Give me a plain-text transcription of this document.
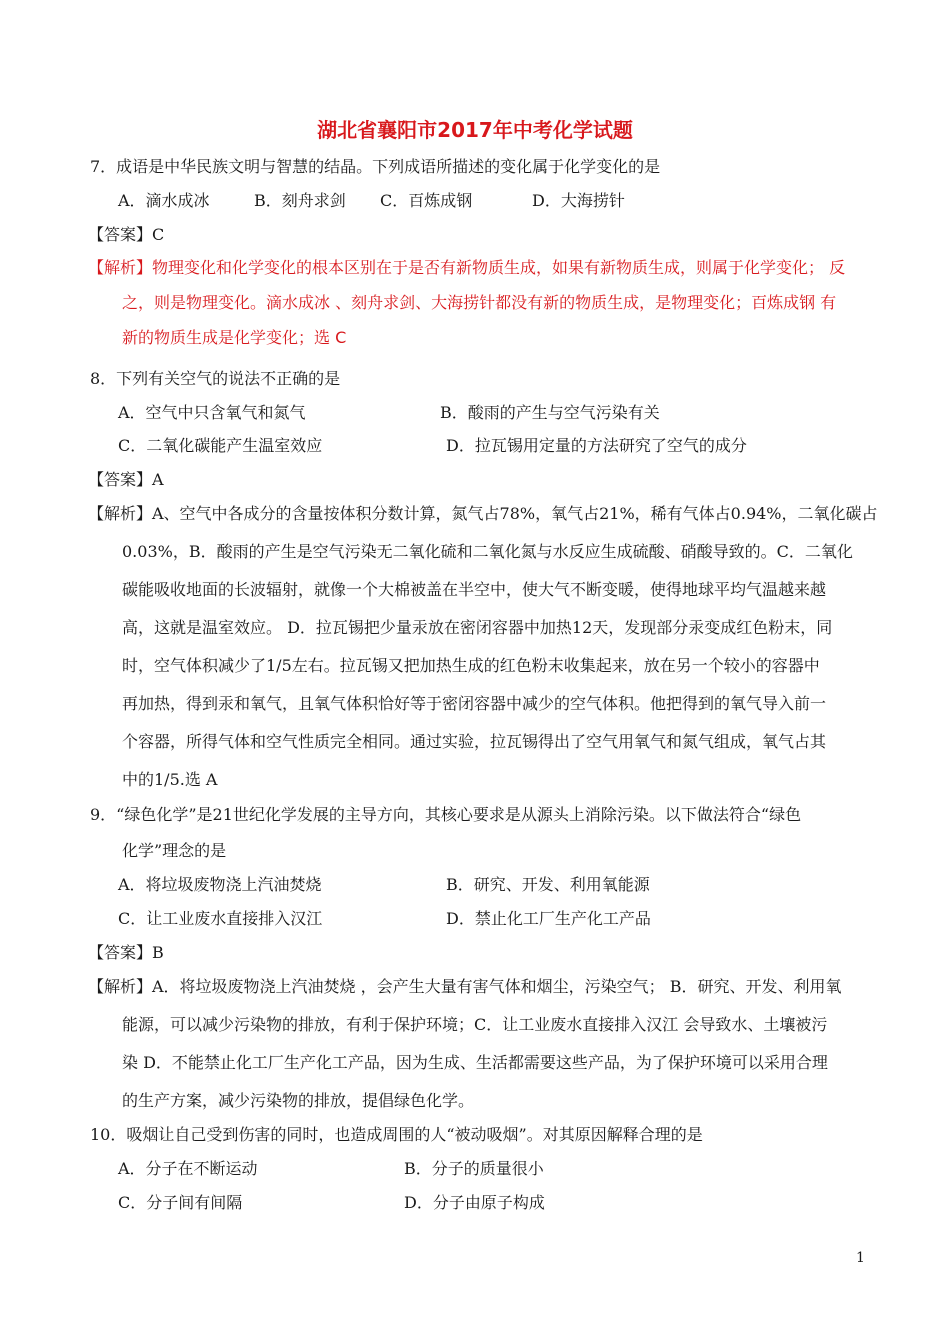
湖北省襄阳市2017年中考化学试题
7．成语是中华民族文明与智慧的结晶。下列成语所描述的变化属于化学变化的是
A．滴水成冰	B．刻舟求剑 C．百炼成钢	D．大海捞针
【答案】C
【解析】物理变化和化学变化的根本区别在于是否有新物质生成，如果有新物质生成，则属于化学变化； 反
之，则是物理变化。滴水成冰 、刻舟求剑、大海捞针都没有新的物质生成，是物理变化；百炼成钢 有
新的物质生成是化学变化；选 C
8．下列有关空气的说法不正确的是
A．空气中只含氧气和氮气	B．酸雨的产生与空气污染有关
C．二氧化碳能产生温室效应	D．拉瓦锡用定量的方法研究了空气的成分
【答案】A
【解析】A、空气中各成分的含量按体积分数计算，氮气占78%，氧气占21%，稀有气体占0.94%，二氧化碳占
0.03%，B．酸雨的产生是空气污染无二氧化硫和二氧化氮与水反应生成硫酸、硝酸导致的。C．二氧化
碳能吸收地面的长波辐射，就像一个大棉被盖在半空中，使大气不断变暖，使得地球平均气温越来越
高，这就是温室效应。 D．拉瓦锡把少量汞放在密闭容器中加热12天，发现部分汞变成红色粉末，同
时，空气体积减少了1/5左右。拉瓦锡又把加热生成的红色粉末收集起来，放在另一个较小的容器中
再加热，得到汞和氧气，且氧气体积恰好等于密闭容器中减少的空气体积。他把得到的氧气导入前一
个容器，所得气体和空气性质完全相同。通过实验，拉瓦锡得出了空气用氧气和氮气组成，氧气占其
中的1/5.选 A
9．“绿色化学”是21世纪化学发展的主导方向，其核心要求是从源头上消除污染。以下做法符合“绿色
化学”理念的是
A．将垃圾废物浇上汽油焚烧	B．研究、开发、利用氧能源
C．让工业废水直接排入汉江	D．禁止化工厂生产化工产品
【答案】B
【解析】A．将垃圾废物浇上汽油焚烧 ，会产生大量有害气体和烟尘，污染空气； B．研究、开发、利用氧
能源，可以减少污染物的排放，有利于保护环境；C．让工业废水直接排入汉江 会导致水、土壤被污
染 D．不能禁止化工厂生产化工产品，因为生成、生活都需要这些产品，为了保护环境可以采用合理
的生产方案，减少污染物的排放，提倡绿色化学。
10．吸烟让自己受到伤害的同时，也造成周围的人“被动吸烟”。对其原因解释合理的是
A．分子在不断运动	B．分子的质量很小
C．分子间有间隔	D．分子由原子构成
1
